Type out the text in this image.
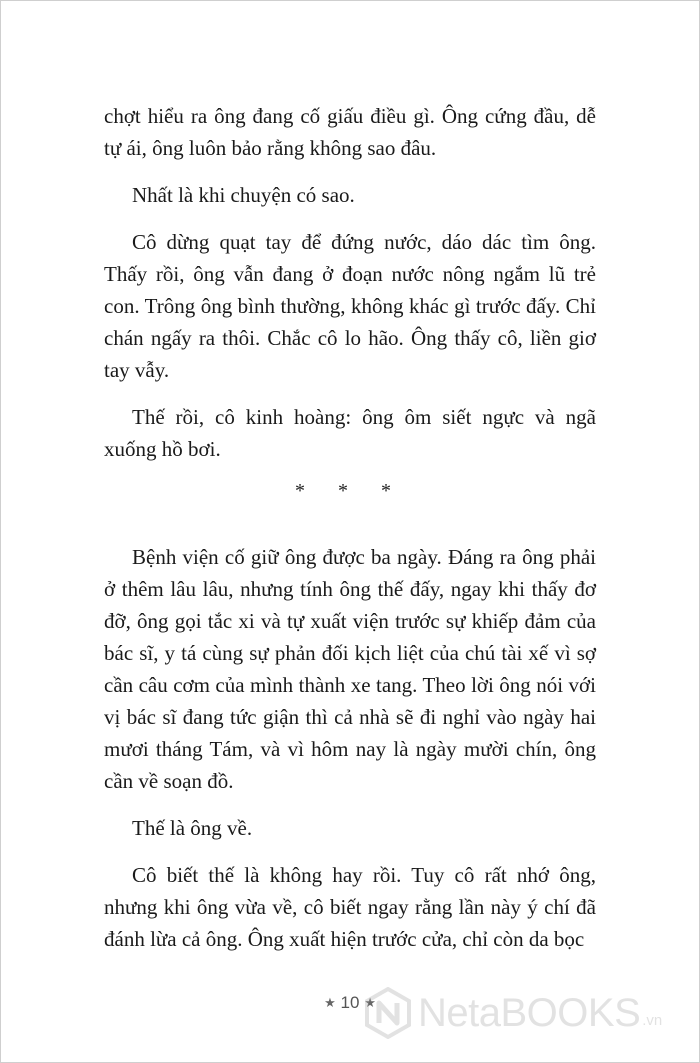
chợt hiểu ra ông đang cố giấu điều gì. Ông cứng đầu, dễ tự ái, ông luôn bảo rằng không sao đâu.

Nhất là khi chuyện có sao.

Cô dừng quạt tay để đứng nước, dáo dác tìm ông. Thấy rồi, ông vẫn đang ở đoạn nước nông ngắm lũ trẻ con. Trông ông bình thường, không khác gì trước đấy. Chỉ chán ngấy ra thôi. Chắc cô lo hão. Ông thấy cô, liền giơ tay vẫy.

Thế rồi, cô kinh hoàng: ông ôm siết ngực và ngã xuống hồ bơi.

* * *

Bệnh viện cố giữ ông được ba ngày. Đáng ra ông phải ở thêm lâu lâu, nhưng tính ông thế đấy, ngay khi thấy đơ đỡ, ông gọi tắc xi và tự xuất viện trước sự khiếp đảm của bác sĩ, y tá cùng sự phản đối kịch liệt của chú tài xế vì sợ cần câu cơm của mình thành xe tang. Theo lời ông nói với vị bác sĩ đang tức giận thì cả nhà sẽ đi nghỉ vào ngày hai mươi tháng Tám, và vì hôm nay là ngày mười chín, ông cần về soạn đồ.

Thế là ông về.

Cô biết thế là không hay rồi. Tuy cô rất nhớ ông, nhưng khi ông vừa về, cô biết ngay rằng lần này ý chí đã đánh lừa cả ông. Ông xuất hiện trước cửa, chỉ còn da bọc

★ 10 ★	NetaBOOKS .vn
